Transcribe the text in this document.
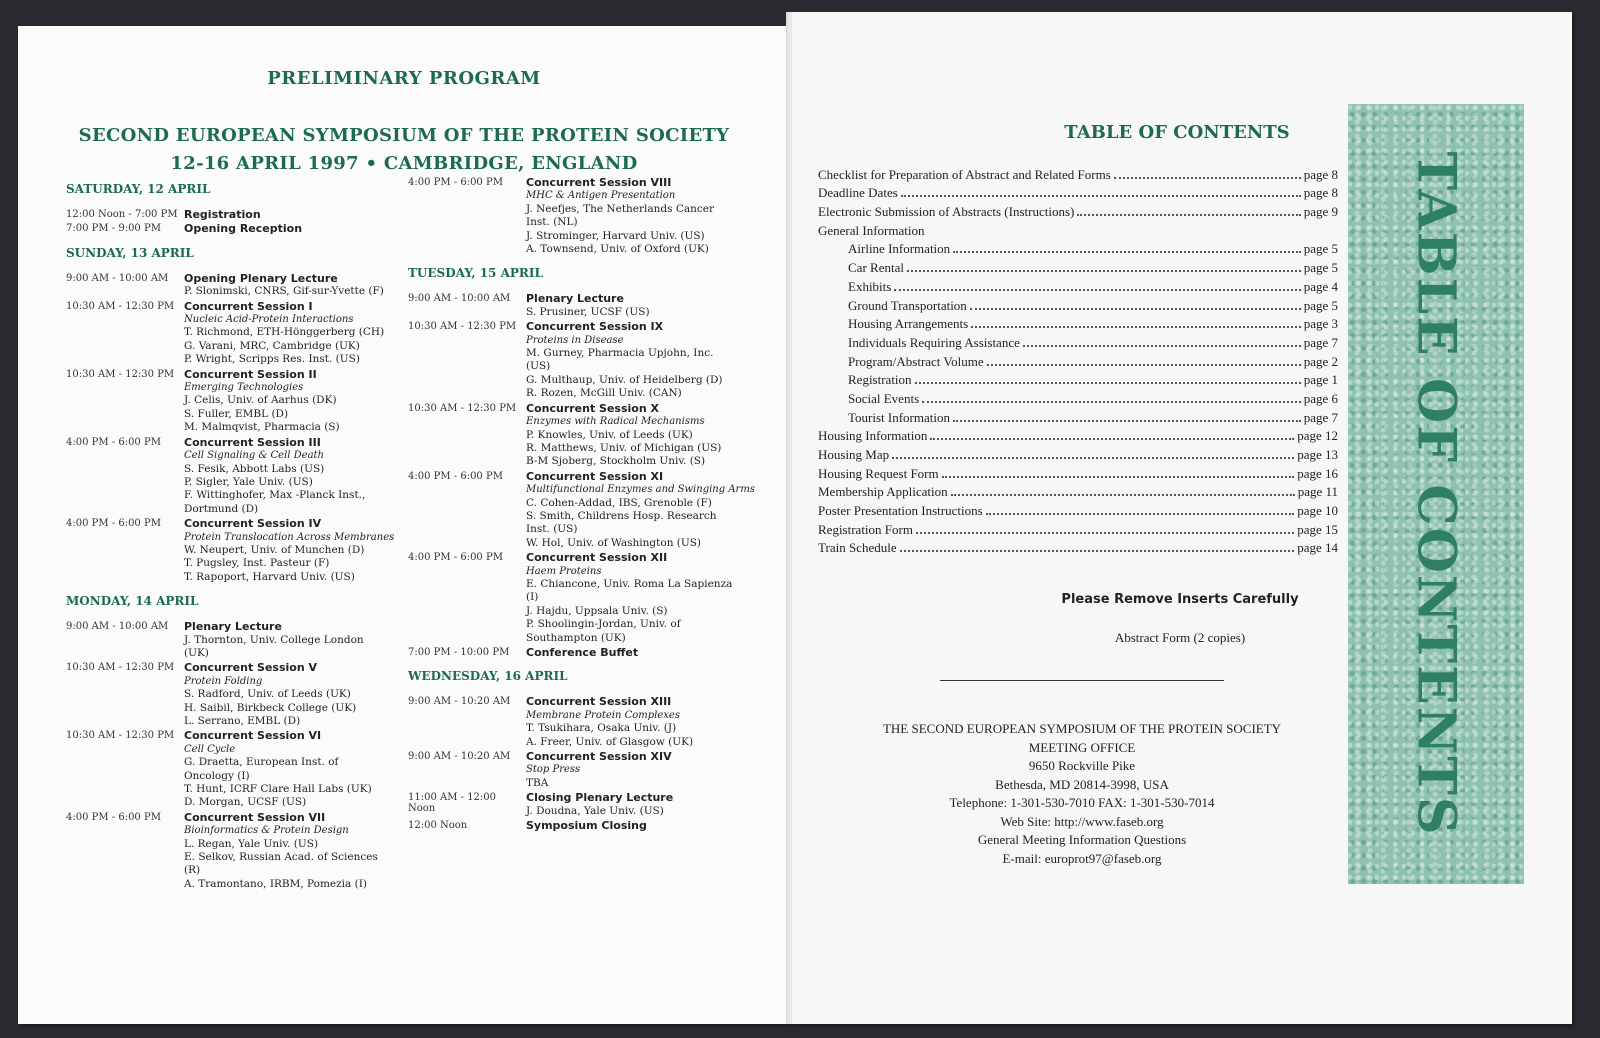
PRELIMINARY PROGRAM
SECOND EUROPEAN SYMPOSIUM OF THE PROTEIN SOCIETY
12-16 APRIL 1997 • CAMBRIDGE, ENGLAND
SATURDAY, 12 APRIL
12:00 Noon - 7:00 PM Registration
7:00 PM - 9:00 PM	Opening Reception
SUNDAY, 13 APRIL
9:00 AM - 10:00 AM	Opening Plenary Lecture
P. Slonimski, CNRS, Gif-sur-Yvette (F)
10:30 AM - 12:30 PM Concurrent Session I
Nucleic Acid-Protein Interactions
T. Richmond, ETH-Hönggerberg (CH)
G. Varani, MRC, Cambridge (UK)
P. Wright, Scripps Res. Inst. (US)
10:30 AM - 12:30 PM Concurrent Session II
Emerging Technologies
J. Celis, Univ. of Aarhus (DK)
S. Fuller, EMBL (D)
M. Malmqvist, Pharmacia (S)
4:00 PM - 6:00 PM	Concurrent Session III
Cell Signaling & Cell Death
S. Fesik, Abbott Labs (US)
P. Sigler, Yale Univ. (US)
F. Wittinghofer, Max -Planck Inst.,
Dortmund (D)
4:00 PM - 6:00 PM	Concurrent Session IV
Protein Translocation Across Membranes
W. Neupert, Univ. of Munchen (D)
T. Pugsley, Inst. Pasteur (F)
T. Rapoport, Harvard Univ. (US)
MONDAY, 14 APRIL
9:00 AM - 10:00 AM	Plenary Lecture
J. Thornton, Univ. College London
(UK)
10:30 AM - 12:30 PM Concurrent Session V
Protein Folding
S. Radford, Univ. of Leeds (UK)
H. Saibil, Birkbeck College (UK)
L. Serrano, EMBL (D)
10:30 AM - 12:30 PM Concurrent Session VI
Cell Cycle
G. Draetta, European Inst. of
Oncology (I)
T. Hunt, ICRF Clare Hall Labs (UK)
D. Morgan, UCSF (US)
4:00 PM - 6:00 PM	Concurrent Session VII
Bioinformatics & Protein Design
L. Regan, Yale Univ. (US)
E. Selkov, Russian Acad. of Sciences
(R)
A. Tramontano, IRBM, Pomezia (I)
4:00 PM - 6:00 PM	Concurrent Session VIII
MHC & Antigen Presentation
J. Neefjes, The Netherlands Cancer
Inst. (NL)
J. Strominger, Harvard Univ. (US)
A. Townsend, Univ. of Oxford (UK)
TUESDAY, 15 APRIL
9:00 AM - 10:00 AM	Plenary Lecture
S. Prusiner, UCSF (US)
10:30 AM - 12:30 PM Concurrent Session IX
Proteins in Disease
M. Gurney, Pharmacia Upjohn, Inc.
(US)
G. Multhaup, Univ. of Heidelberg (D)
R. Rozen, McGill Univ. (CAN)
10:30 AM - 12:30 PM Concurrent Session X
Enzymes with Radical Mechanisms
P. Knowles, Univ. of Leeds (UK)
R. Matthews, Univ. of Michigan (US)
B-M Sjoberg, Stockholm Univ. (S)
4:00 PM - 6:00 PM	Concurrent Session XI
Multifunctional Enzymes and Swinging Arms
C. Cohen-Addad, IBS, Grenoble (F)
S. Smith, Childrens Hosp. Research
Inst. (US)
W. Hol, Univ. of Washington (US)
4:00 PM - 6:00 PM	Concurrent Session XII
Haem Proteins
E. Chiancone, Univ. Roma La Sapienza
(I)
J. Hajdu, Uppsala Univ. (S)
P. Shoolingin-Jordan, Univ. of
Southampton (UK)
7:00 PM - 10:00 PM	Conference Buffet
WEDNESDAY, 16 APRIL
9:00 AM - 10:20 AM	Concurrent Session XIII
Membrane Protein Complexes
T. Tsukihara, Osaka Univ. (J)
A. Freer, Univ. of Glasgow (UK)
9:00 AM - 10:20 AM	Concurrent Session XIV
Stop Press
TBA
11:00 AM - 12:00 Noon
Closing Plenary Lecture
J. Doudna, Yale Univ. (US)
12:00 Noon	Symposium Closing
TABLE OF CONTENTS
Checklist for Preparation of Abstract and Related Forms	page 8
Deadline Dates	page 8
Electronic Submission of Abstracts (Instructions)	page 9
General Information
Airline Information	page 5
Car Rental	page 5
Exhibits	page 4
Ground Transportation	page 5
Housing Arrangements	page 3
Individuals Requiring Assistance	page 7
Program/Abstract Volume	page 2
Registration	page 1
Social Events	page 6
Tourist Information	page 7
Housing Information	page 12
Housing Map	page 13
Housing Request Form	page 16
Membership Application	page 11
Poster Presentation Instructions	page 10
Registration Form	page 15
Train Schedule	page 14
Please Remove Inserts Carefully
Abstract Form (2 copies)
THE SECOND EUROPEAN SYMPOSIUM OF THE PROTEIN SOCIETY
MEETING OFFICE
9650 Rockville Pike
Bethesda, MD 20814-3998, USA
Telephone: 1-301-530-7010 FAX: 1-301-530-7014
Web Site: http://www.faseb.org
General Meeting Information Questions
E-mail: europrot97@faseb.org
TABLE OF CONTENTS
